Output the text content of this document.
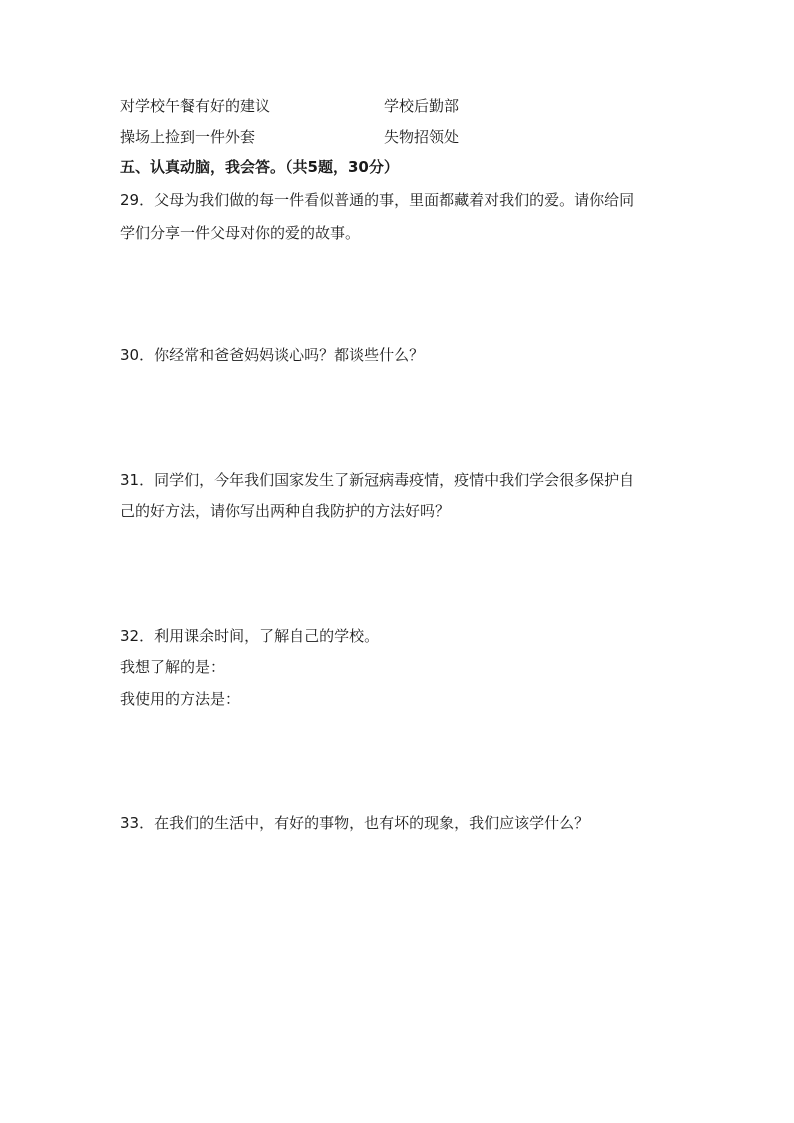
对学校午餐有好的建议	学校后勤部
操场上捡到一件外套	失物招领处
五、认真动脑，我会答。（共5题，30分）
29．父母为我们做的每一件看似普通的事，里面都藏着对我们的爱。请你给同
学们分享一件父母对你的爱的故事。
30．你经常和爸爸妈妈谈心吗？都谈些什么？
31．同学们，今年我们国家发生了新冠病毒疫情，疫情中我们学会很多保护自
己的好方法，请你写出两种自我防护的方法好吗？
32．利用课余时间，了解自己的学校。
我想了解的是：
我使用的方法是：
33．在我们的生活中，有好的事物，也有坏的现象，我们应该学什么？
